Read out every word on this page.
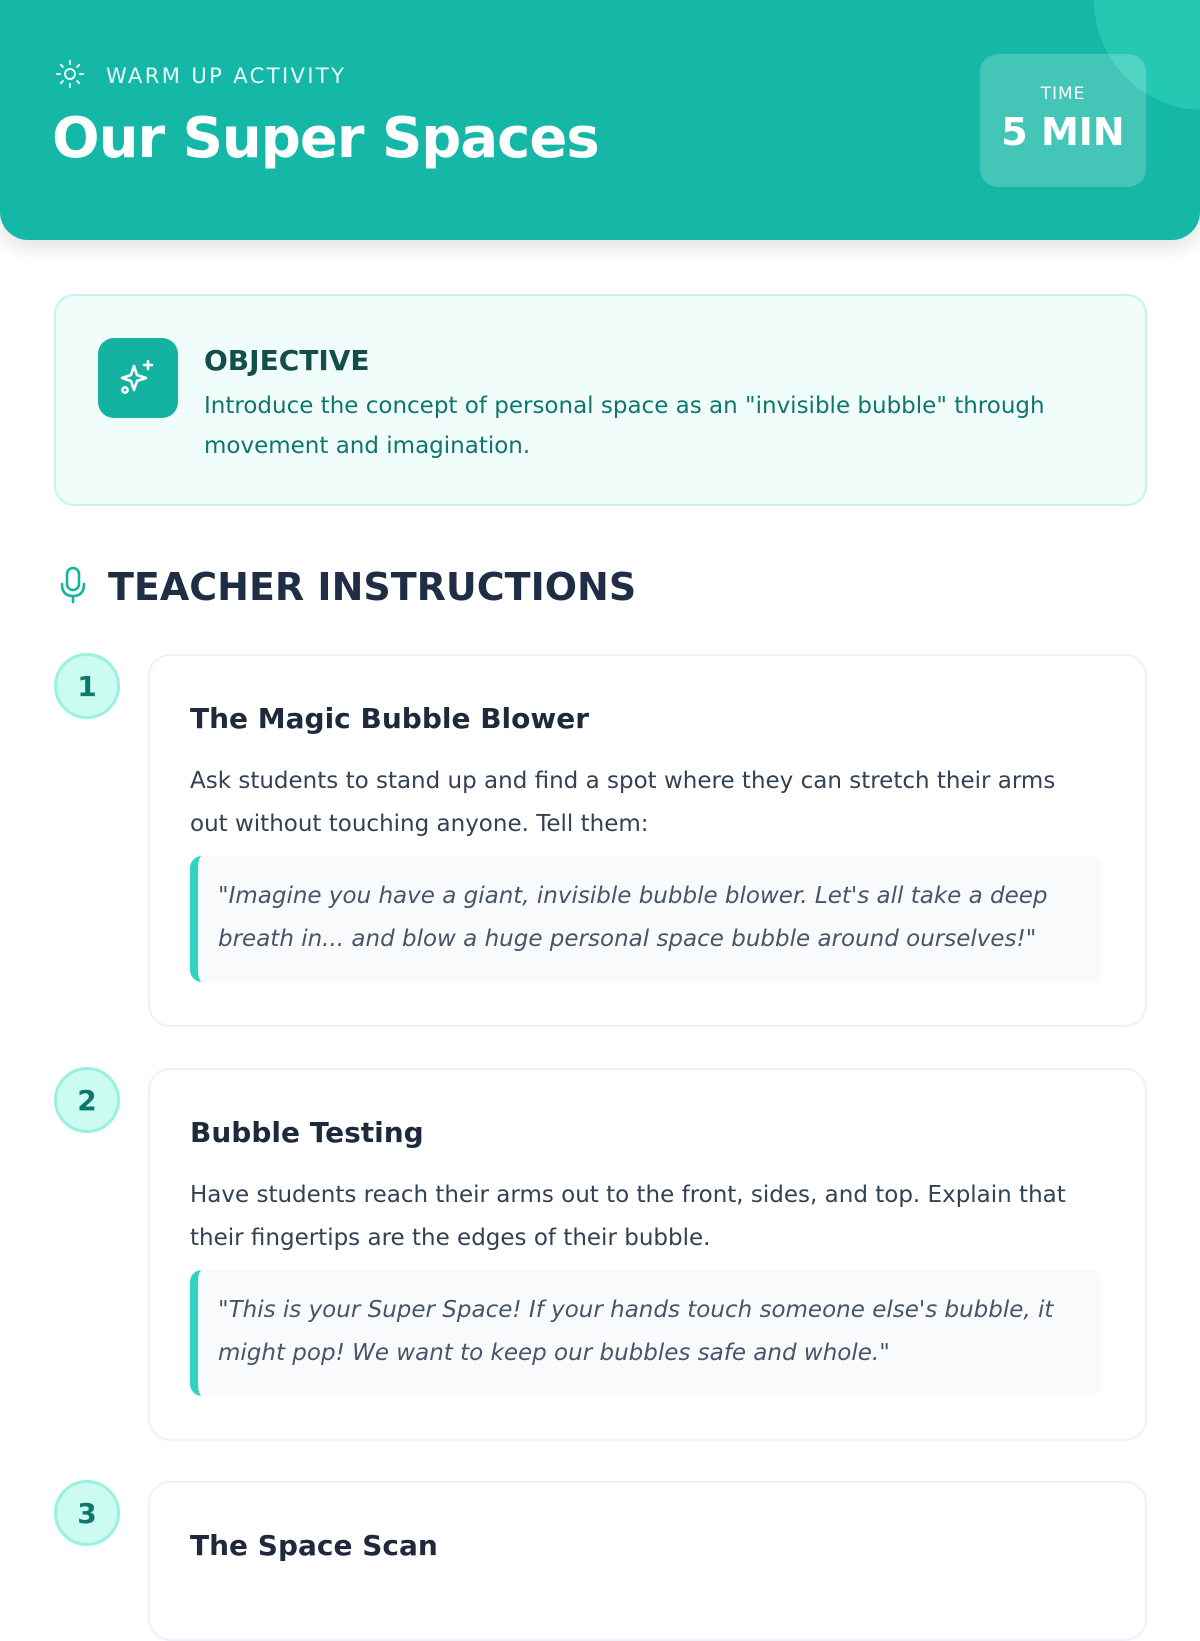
WARM UP ACTIVITY
Our Super Spaces
TIME
5 MIN
OBJECTIVE
Introduce the concept of personal space as an "invisible bubble" through movement and imagination.
TEACHER INSTRUCTIONS
1
The Magic Bubble Blower
Ask students to stand up and find a spot where they can stretch their arms out without touching anyone. Tell them:
"Imagine you have a giant, invisible bubble blower. Let's all take a deep breath in... and blow a huge personal space bubble around ourselves!"
2
Bubble Testing
Have students reach their arms out to the front, sides, and top. Explain that their fingertips are the edges of their bubble.
"This is your Super Space! If your hands touch someone else's bubble, it might pop! We want to keep our bubbles safe and whole."
3
The Space Scan
